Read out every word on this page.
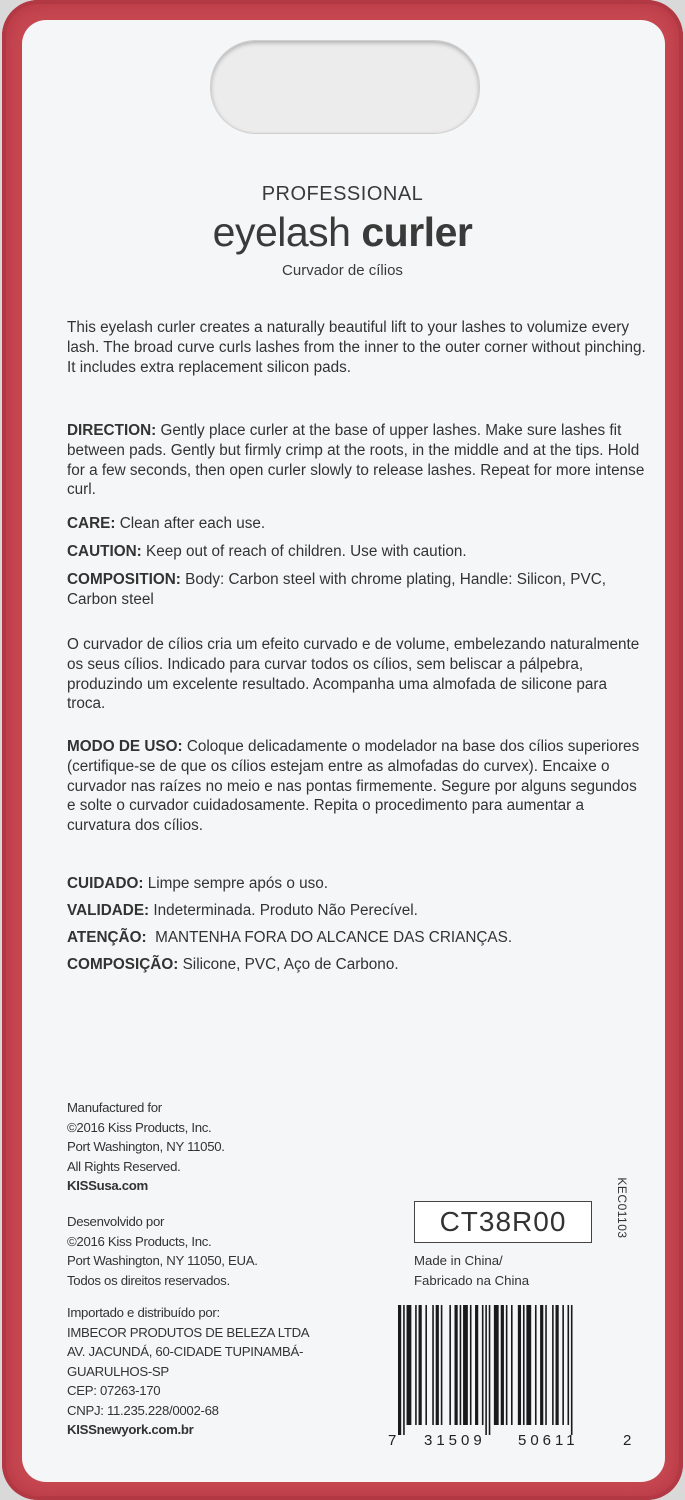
PROFESSIONAL
eyelash curler
Curvador de cílios
This eyelash curler creates a naturally beautiful lift to your lashes to volumize every lash. The broad curve curls lashes from the inner to the outer corner without pinching. It includes extra replacement silicon pads.
DIRECTION: Gently place curler at the base of upper lashes. Make sure lashes fit between pads. Gently but firmly crimp at the roots, in the middle and at the tips. Hold for a few seconds, then open curler slowly to release lashes. Repeat for more intense curl.
CARE: Clean after each use.
CAUTION: Keep out of reach of children. Use with caution.
COMPOSITION: Body: Carbon steel with chrome plating, Handle: Silicon, PVC, Carbon steel
O curvador de cílios cria um efeito curvado e de volume, embelezando naturalmente os seus cílios. Indicado para curvar todos os cílios, sem beliscar a pálpebra, produzindo um excelente resultado. Acompanha uma almofada de silicone para troca.
MODO DE USO: Coloque delicadamente o modelador na base dos cílios superiores (certifique-se de que os cílios estejam entre as almofadas do curvex). Encaixe o curvador nas raízes no meio e nas pontas firmemente. Segure por alguns segundos e solte o curvador cuidadosamente. Repita o procedimento para aumentar a curvatura dos cílios.
CUIDADO: Limpe sempre após o uso.
VALIDADE: Indeterminada. Produto Não Perecível.
ATENÇÃO:  MANTENHA FORA DO ALCANCE DAS CRIANÇAS.
COMPOSIÇÃO: Silicone, PVC, Aço de Carbono.
Manufactured for
©2016 Kiss Products, Inc.
Port Washington, NY 11050.
All Rights Reserved.
KISSusa.com
Desenvolvido por
©2016 Kiss Products, Inc.
Port Washington, NY 11050, EUA.
Todos os direitos reservados.
Importado e distribuído por:
IMBECOR PRODUTOS DE BELEZA LTDA
AV. JACUNDÁ, 60-CIDADE TUPINAMBÁ-
GUARULHOS-SP
CEP: 07263-170
CNPJ: 11.235.228/0002-68
KISSnewyork.com.br
CT38R00	KEC01103
Made in China/
Fabricado na China
7 31509 50611	2
